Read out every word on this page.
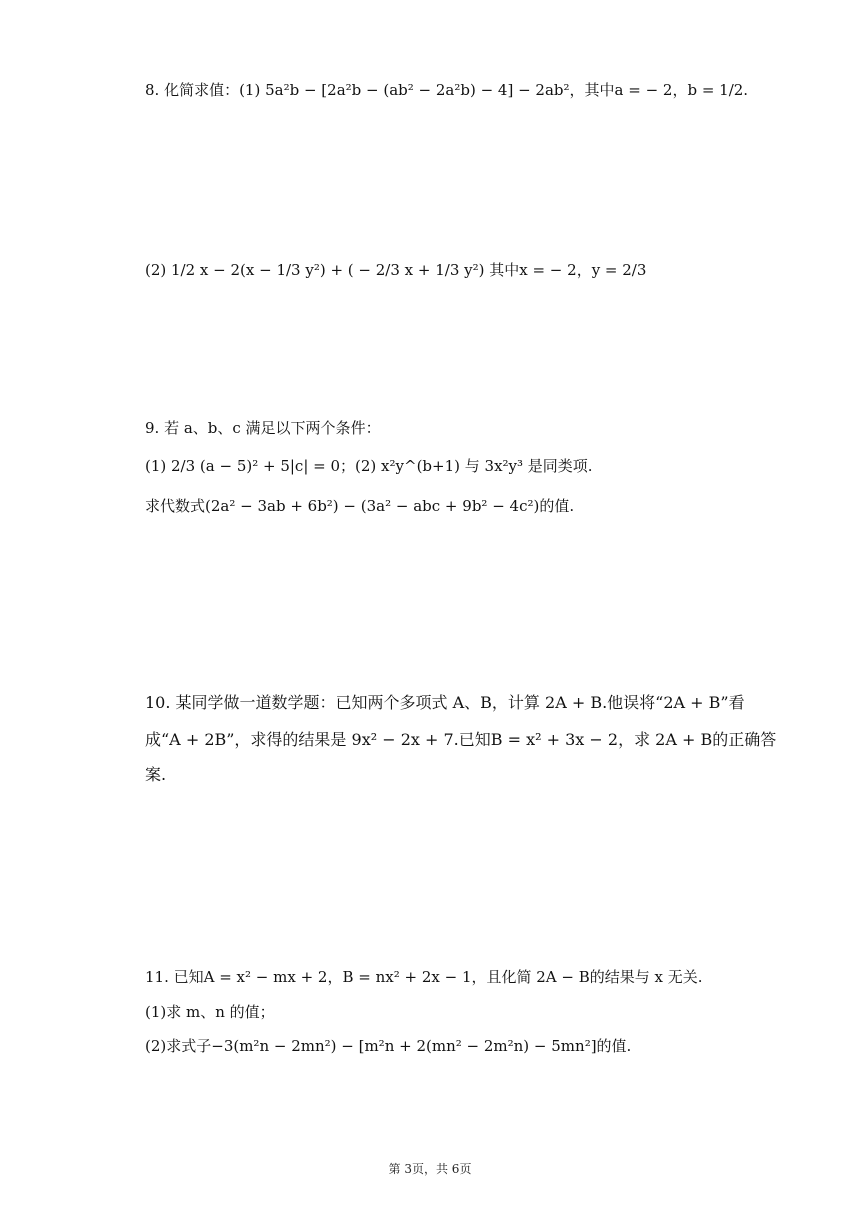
8. 化简求值：(1) 5a²b − [2a²b − (ab² − 2a²b) − 4] − 2ab²，其中a = − 2，b = 1/2.
(2) 1/2 x − 2(x − 1/3 y²) + ( − 2/3 x + 1/3 y²) 其中x = − 2，y = 2/3
9. 若 a、b、c 满足以下两个条件：
(1) 2/3 (a − 5)² + 5|c| = 0；(2) x²y^(b+1) 与 3x²y³ 是同类项.
求代数式(2a² − 3ab + 6b²) − (3a² − abc + 9b² − 4c²)的值.
10. 某同学做一道数学题：已知两个多项式 A、B，计算 2A + B.他误将“2A + B”看
成“A + 2B”，求得的结果是 9x² − 2x + 7.已知B = x² + 3x − 2，求 2A + B的正确答
案.
11. 已知A = x² − mx + 2，B = nx² + 2x − 1，且化简 2A − B的结果与 x 无关.
(1)求 m、n 的值；
(2)求式子−3(m²n − 2mn²) − [m²n + 2(mn² − 2m²n) − 5mn²]的值.
第 3页，共 6页
